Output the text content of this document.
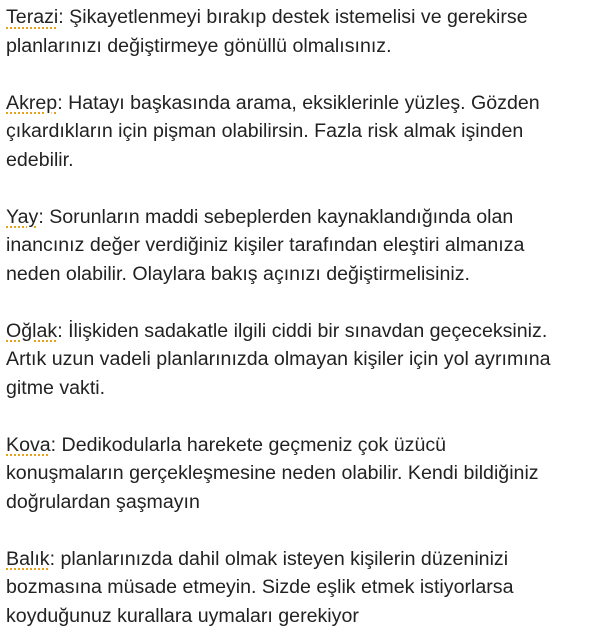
Terazi: Şikayetlenmeyi bırakıp destek istemelisi ve gerekirse
planlarınızı değiştirmeye gönüllü olmalısınız.

Akrep: Hatayı başkasında arama, eksiklerinle yüzleş. Gözden
çıkardıkların için pişman olabilirsin. Fazla risk almak işinden
edebilir.

Yay: Sorunların maddi sebeplerden kaynaklandığında olan
inancınız değer verdiğiniz kişiler tarafından eleştiri almanıza
neden olabilir. Olaylara bakış açınızı değiştirmelisiniz.

Oğlak: İlişkiden sadakatle ilgili ciddi bir sınavdan geçeceksiniz.
Artık uzun vadeli planlarınızda olmayan kişiler için yol ayrımına
gitme vakti.

Kova: Dedikodularla harekete geçmeniz çok üzücü
konuşmaların gerçekleşmesine neden olabilir. Kendi bildiğiniz
doğrulardan şaşmayın

Balık: planlarınızda dahil olmak isteyen kişilerin düzeninizi
bozmasına müsade etmeyin. Sizde eşlik etmek istiyorlarsa
koyduğunuz kurallara uymaları gerekiyor
